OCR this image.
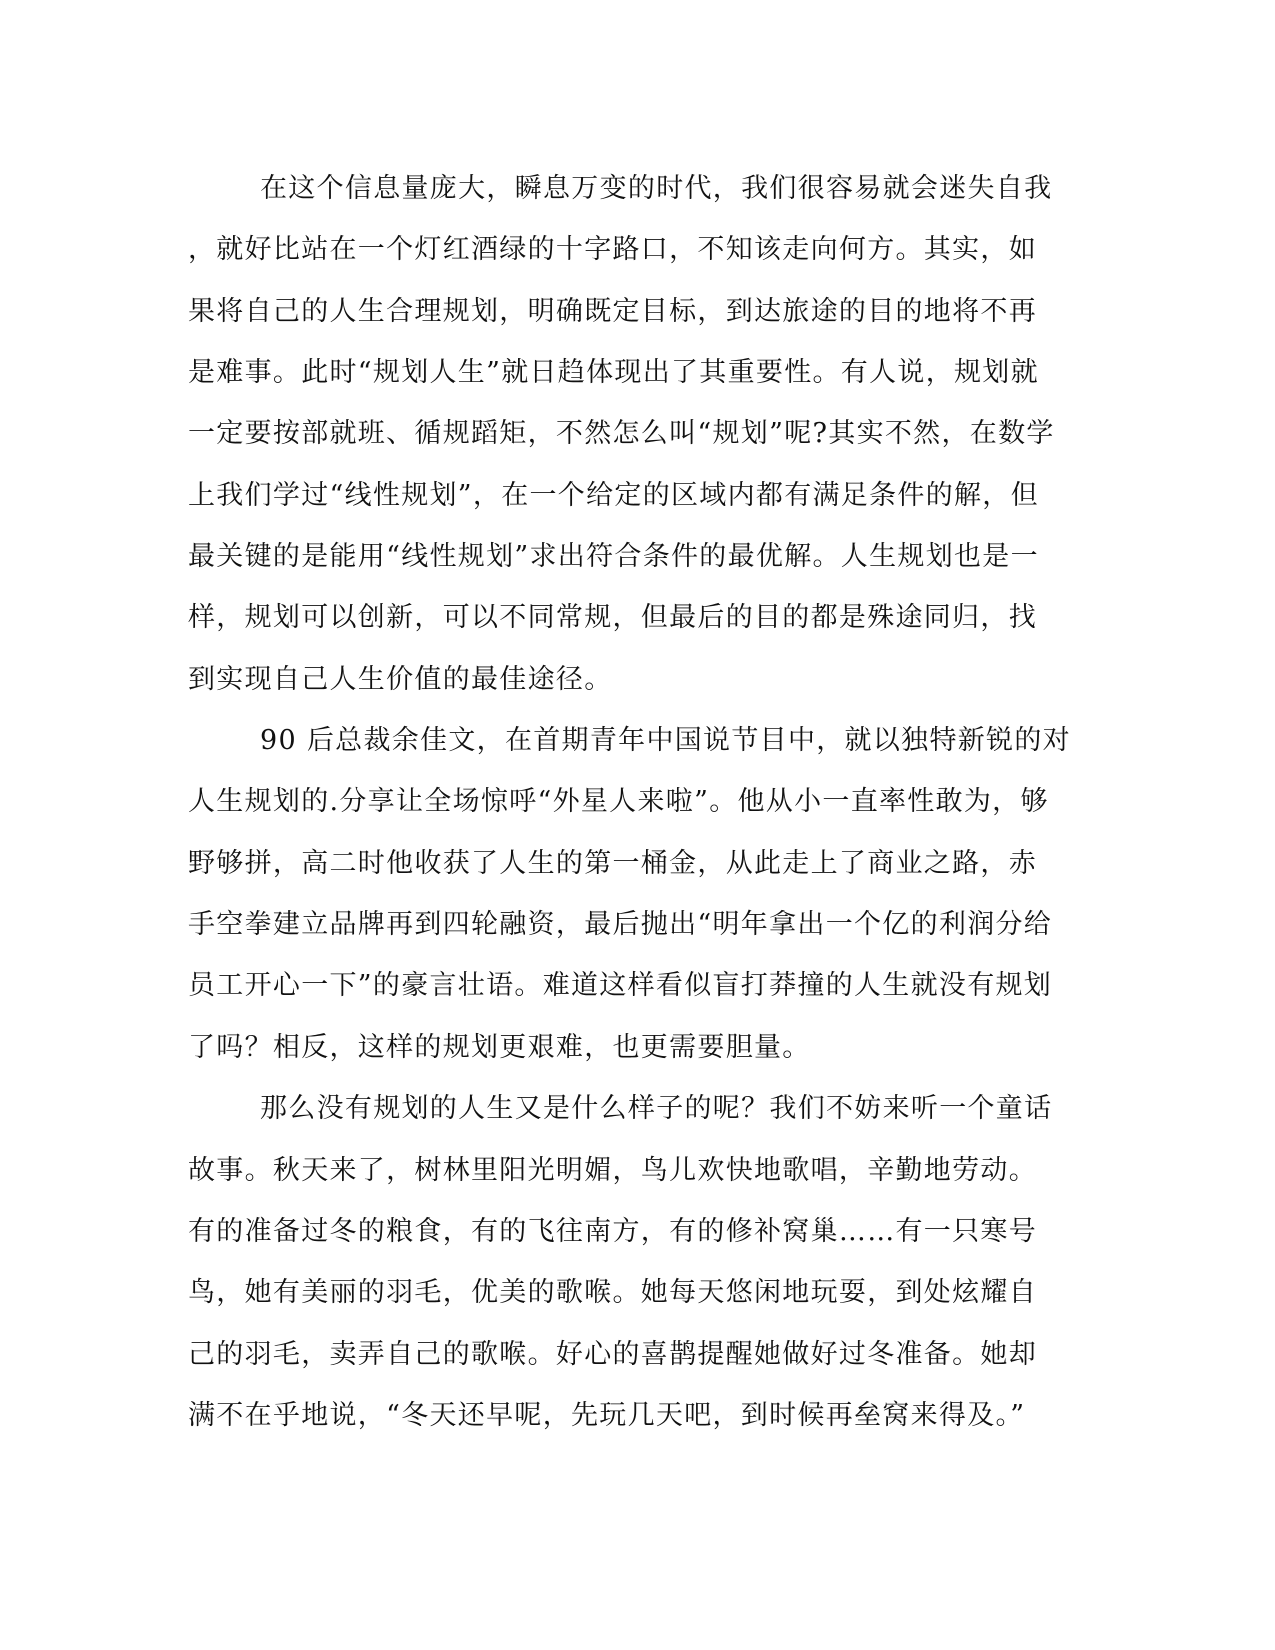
在这个信息量庞大，瞬息万变的时代，我们很容易就会迷失自我
，就好比站在一个灯红酒绿的十字路口，不知该走向何方。其实，如
果将自己的人生合理规划，明确既定目标，到达旅途的目的地将不再
是难事。此时“规划人生”就日趋体现出了其重要性。有人说，规划就
一定要按部就班、循规蹈矩，不然怎么叫“规划”呢?其实不然，在数学
上我们学过“线性规划”，在一个给定的区域内都有满足条件的解，但
最关键的是能用“线性规划”求出符合条件的最优解。人生规划也是一
样，规划可以创新，可以不同常规，但最后的目的都是殊途同归，找
到实现自己人生价值的最佳途径。
90 后总裁余佳文，在首期青年中国说节目中，就以独特新锐的对
人生规划的.分享让全场惊呼“外星人来啦”。他从小一直率性敢为，够
野够拼，高二时他收获了人生的第一桶金，从此走上了商业之路，赤
手空拳建立品牌再到四轮融资，最后抛出“明年拿出一个亿的利润分给
员工开心一下”的豪言壮语。难道这样看似盲打莽撞的人生就没有规划
了吗？相反，这样的规划更艰难，也更需要胆量。
那么没有规划的人生又是什么样子的呢？我们不妨来听一个童话
故事。秋天来了，树林里阳光明媚，鸟儿欢快地歌唱，辛勤地劳动。
有的准备过冬的粮食，有的飞往南方，有的修补窝巢……有一只寒号
鸟，她有美丽的羽毛，优美的歌喉。她每天悠闲地玩耍，到处炫耀自
己的羽毛，卖弄自己的歌喉。好心的喜鹊提醒她做好过冬准备。她却
满不在乎地说，“冬天还早呢，先玩几天吧，到时候再垒窝来得及。”
